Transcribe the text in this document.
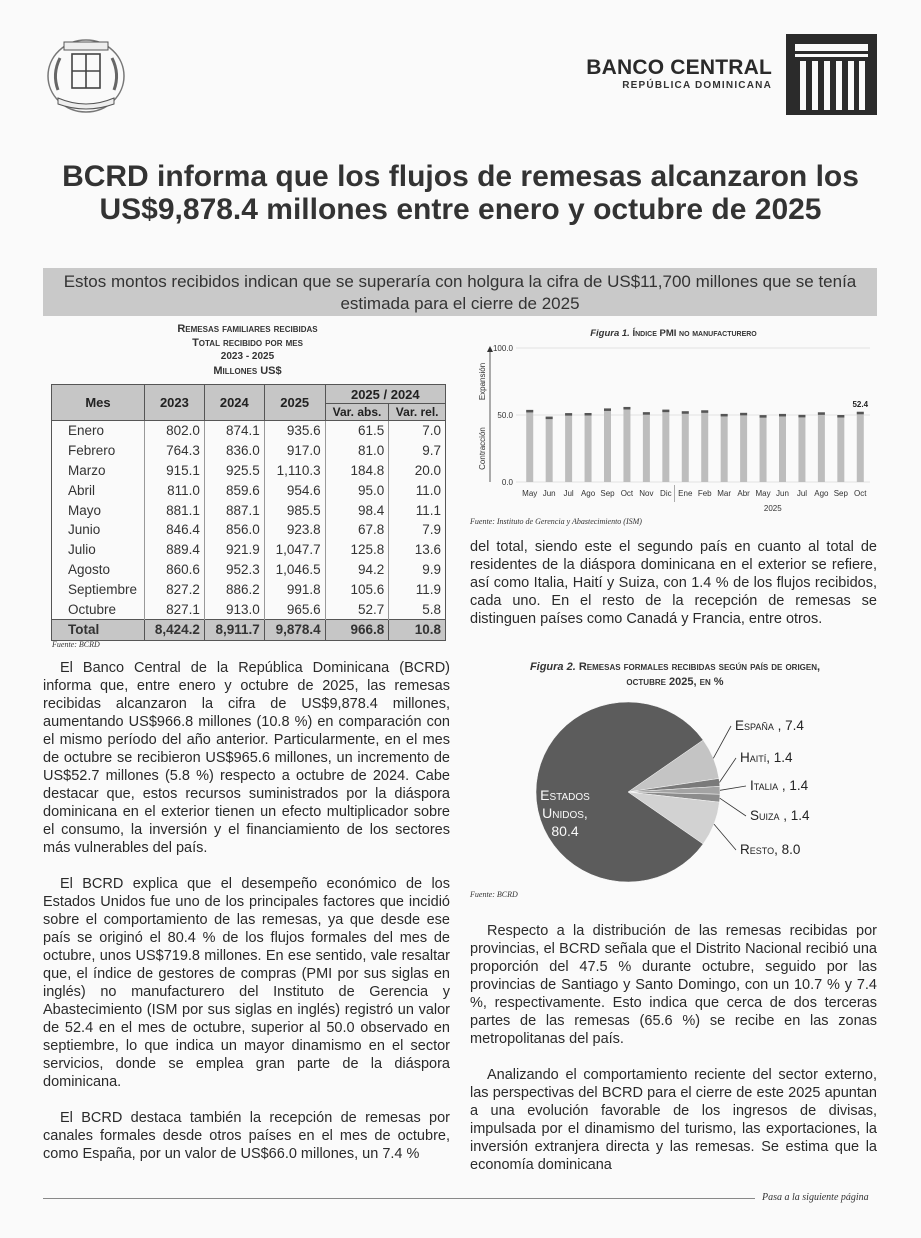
BANCO CENTRAL
REPÚBLICA DOMINICANA
BCRD informa que los flujos de remesas alcanzaron los US$9,878.4 millones entre enero y octubre de 2025
Estos montos recibidos indican que se superaría con holgura la cifra de US$11,700 millones que se tenía estimada para el cierre de 2025
Remesas familiares recibidas
Total recibido por mes
2023 - 2025
Millones US$
Mes	2023	2024	2025	2025 / 2024	
				Var. abs.	Var. rel.
Enero	802.0	874.1	935.6	61.5	7.0
Febrero	764.3	836.0	917.0	81.0	9.7
Marzo	915.1	925.5	1,110.3	184.8	20.0
Abril	811.0	859.6	954.6	95.0	11.0
Mayo	881.1	887.1	985.5	98.4	11.1
Junio	846.4	856.0	923.8	67.8	7.9
Julio	889.4	921.9	1,047.7	125.8	13.6
Agosto	860.6	952.3	1,046.5	94.2	9.9
Septiembre	827.2	886.2	991.8	105.6	11.9
Octubre	827.1	913.0	965.6	52.7	5.8
Total	8,424.2	8,911.7	9,878.4	966.8	10.8
Fuente: BCRD

El Banco Central de la República Dominicana (BCRD) informa que, entre enero y octubre de 2025, las remesas recibidas alcanzaron la cifra de US$9,878.4 millones, aumentando US$966.8 millones (10.8 %) en comparación con el mismo período del año anterior. Particularmente, en el mes de octubre se recibieron US$965.6 millones, un incremento de US$52.7 millones (5.8 %) respecto a octubre de 2024. Cabe destacar que, estos recursos suministrados por la diáspora dominicana en el exterior tienen un efecto multiplicador sobre el consumo, la inversión y el financiamiento de los sectores más vulnerables del país.

El BCRD explica que el desempeño económico de los Estados Unidos fue uno de los principales factores que incidió sobre el comportamiento de las remesas, ya que desde ese país se originó el 80.4 % de los flujos formales del mes de octubre, unos US$719.8 millones. En ese sentido, vale resaltar que, el índice de gestores de compras (PMI por sus siglas en inglés) no manufacturero del Instituto de Gerencia y Abastecimiento (ISM por sus siglas en inglés) registró un valor de 52.4 en el mes de octubre, superior al 50.0 observado en septiembre, lo que indica un mayor dinamismo en el sector servicios, donde se emplea gran parte de la diáspora dominicana.

El BCRD destaca también la recepción de remesas por canales formales desde otros países en el mes de octubre, como España, por un valor de US$66.0 millones, un 7.4 %

Figura 1. Índice PMI no manufacturero
0.0
50.0
100.0
Expansión
Contracción
May Jun Jul Ago Sep Oct Nov Dic Ene Feb Mar Abr May Jun Jul Ago Sep Oct
52.4
2025
Fuente: Instituto de Gerencia y Abastecimiento (ISM)

del total, siendo este el segundo país en cuanto al total de residentes de la diáspora dominicana en el exterior se refiere, así como Italia, Haití y Suiza, con 1.4 % de los flujos recibidos, cada uno. En el resto de la recepción de remesas se distinguen países como Canadá y Francia, entre otros.

Figura 2. Remesas formales recibidas según país de origen,
octubre 2025, en %
España , 7.4
Haití, 1.4
Italia , 1.4
Suiza , 1.4
Resto, 8.0
Estados
Unidos,
80.4
Fuente: BCRD

Respecto a la distribución de las remesas recibidas por provincias, el BCRD señala que el Distrito Nacional recibió una proporción del 47.5 % durante octubre, seguido por las provincias de Santiago y Santo Domingo, con un 10.7 % y 7.4 %, respectivamente. Esto indica que cerca de dos terceras partes de las remesas (65.6 %) se recibe en las zonas metropolitanas del país.

Analizando el comportamiento reciente del sector externo, las perspectivas del BCRD para el cierre de este 2025 apuntan a una evolución favorable de los ingresos de divisas, impulsada por el dinamismo del turismo, las exportaciones, la inversión extranjera directa y las remesas. Se estima que la economía dominicana

Pasa a la siguiente página
